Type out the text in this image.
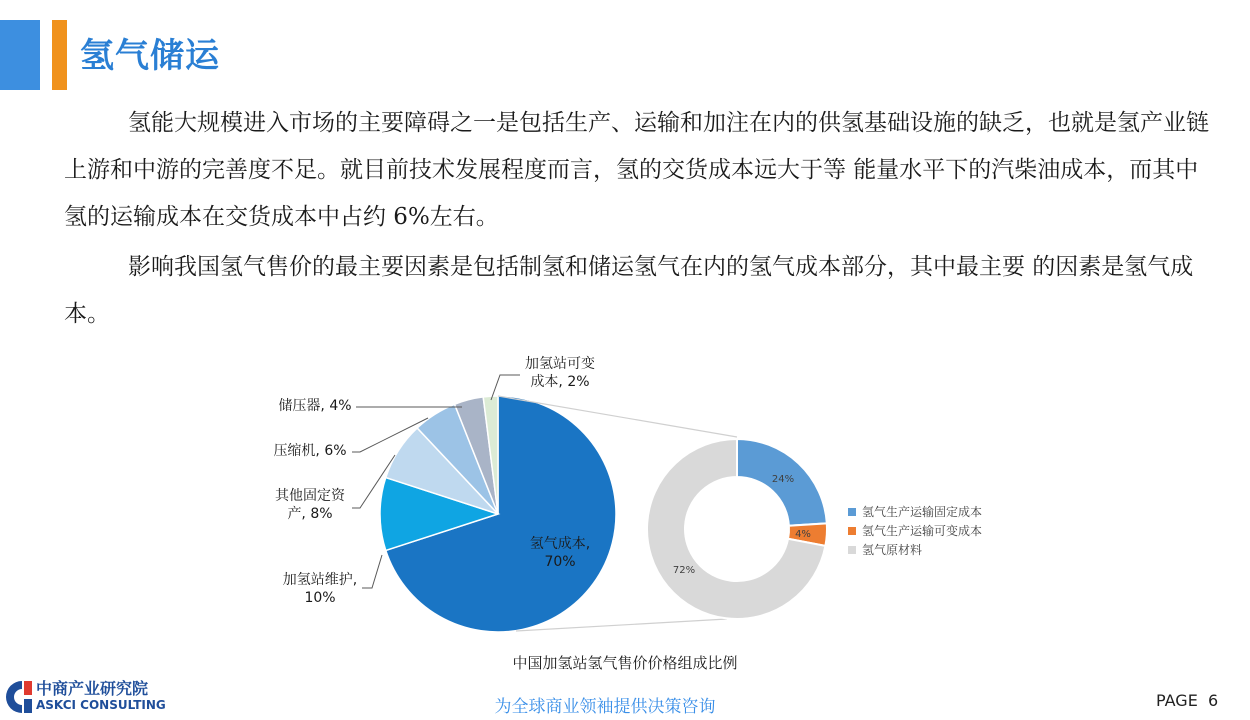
氢气储运

氢能大规模进入市场的主要障碍之一是包括生产、运输和加注在内的供氢基础设施的缺乏，也就是氢产业链上游和中游的完善度不足。就目前技术发展程度而言，氢的交货成本远大于等 能量水平下的汽柴油成本，而其中氢的运输成本在交货成本中占约 6%左右。

影响我国氢气售价的最主要因素是包括制氢和储运氢气在内的氢气成本部分，其中最主要 的因素是氢气成本。

氢气成本,
70%
加氢站维护,
10%
其他固定资
产, 8%
压缩机, 6%
储压器, 4%
加氢站可变
成本, 2%
24%
4%
72%
氢气生产运输固定成本
氢气生产运输可变成本
氢气原材料
中国加氢站氢气售价价格组成比例
中商产业研究院
ASKCI CONSULTING	为全球商业领袖提供决策咨询	PAGE 6
